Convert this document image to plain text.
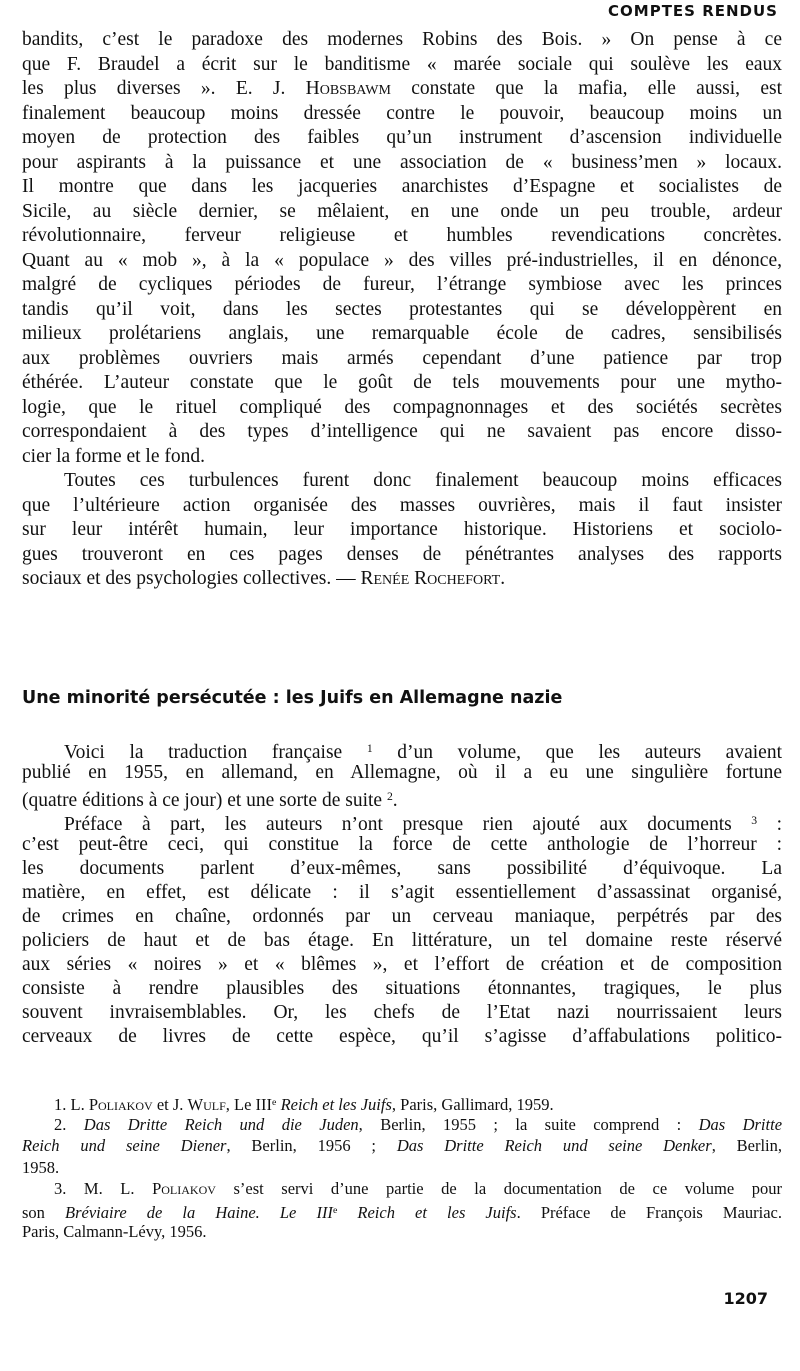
COMPTES RENDUS
bandits, c’est le paradoxe des modernes Robins des Bois. » On pense à ce
que F. Braudel a écrit sur le banditisme « marée sociale qui soulève les eaux
les plus diverses ». E. J. Hobsbawm constate que la mafia, elle aussi, est
finalement beaucoup moins dressée contre le pouvoir, beaucoup moins un
moyen de protection des faibles qu’un instrument d’ascension individuelle
pour aspirants à la puissance et une association de « business’men » locaux.
Il montre que dans les jacqueries anarchistes d’Espagne et socialistes de
Sicile, au siècle dernier, se mêlaient, en une onde un peu trouble, ardeur
révolutionnaire, ferveur religieuse et humbles revendications concrètes.
Quant au « mob », à la « populace » des villes pré-industrielles, il en dénonce,
malgré de cycliques périodes de fureur, l’étrange symbiose avec les princes
tandis qu’il voit, dans les sectes protestantes qui se développèrent en
milieux prolétariens anglais, une remarquable école de cadres, sensibilisés
aux problèmes ouvriers mais armés cependant d’une patience par trop
éthérée. L’auteur constate que le goût de tels mouvements pour une mytho-
logie, que le rituel compliqué des compagnonnages et des sociétés secrètes
correspondaient à des types d’intelligence qui ne savaient pas encore disso-
cier la forme et le fond.
Toutes ces turbulences furent donc finalement beaucoup moins efficaces
que l’ultérieure action organisée des masses ouvrières, mais il faut insister
sur leur intérêt humain, leur importance historique. Historiens et sociolo-
gues trouveront en ces pages denses de pénétrantes analyses des rapports
sociaux et des psychologies collectives. — Renée Rochefort.
Une minorité persécutée : les Juifs en Allemagne nazie
Voici la traduction française $^1$ d’un volume, que les auteurs avaient
publié en 1955, en allemand, en Allemagne, où il a eu une singulière fortune
(quatre éditions à ce jour) et une sorte de suite $^2$.
Préface à part, les auteurs n’ont presque rien ajouté aux documents $^3$ :
c’est peut-être ceci, qui constitue la force de cette anthologie de l’horreur :
les documents parlent d’eux-mêmes, sans possibilité d’équivoque. La
matière, en effet, est délicate : il s’agit essentiellement d’assassinat organisé,
de crimes en chaîne, ordonnés par un cerveau maniaque, perpétrés par des
policiers de haut et de bas étage. En littérature, un tel domaine reste réservé
aux séries « noires » et « blêmes », et l’effort de création et de composition
consiste à rendre plausibles des situations étonnantes, tragiques, le plus
souvent invraisemblables. Or, les chefs de l’Etat nazi nourrissaient leurs
cerveaux de livres de cette espèce, qu’il s’agisse d’affabulations politico-
1. L. Poliakov et J. Wulf, Le IIIe Reich et les Juifs, Paris, Gallimard, 1959.
2. Das Dritte Reich und die Juden, Berlin, 1955 ; la suite comprend : Das Dritte
Reich und seine Diener, Berlin, 1956 ; Das Dritte Reich und seine Denker, Berlin,
1958.
3. M. L. Poliakov s’est servi d’une partie de la documentation de ce volume pour
son Bréviaire de la Haine. Le IIIe Reich et les Juifs. Préface de François Mauriac.
Paris, Calmann-Lévy, 1956.
1207
